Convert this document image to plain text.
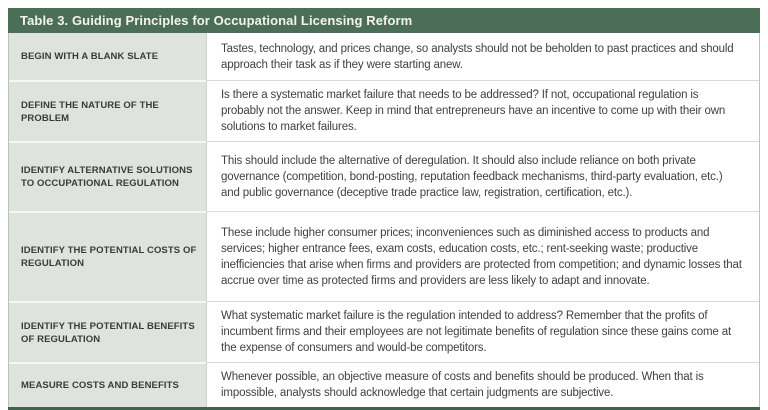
Table 3. Guiding Principles for Occupational Licensing Reform
BEGIN WITH A BLANK SLATE
Tastes, technology, and prices change, so analysts should not be beholden to past practices and should approach their task as if they were starting anew.
DEFINE THE NATURE OF THE PROBLEM
Is there a systematic market failure that needs to be addressed? If not, occupational regulation is probably not the answer. Keep in mind that entrepreneurs have an incentive to come up with their own solutions to market failures.
IDENTIFY ALTERNATIVE SOLUTIONS TO OCCUPATIONAL REGULATION
This should include the alternative of deregulation. It should also include reliance on both private governance (competition, bond-posting, reputation feedback mechanisms, third-party evaluation, etc.) and public governance (deceptive trade practice law, registration, certification, etc.).
IDENTIFY THE POTENTIAL COSTS OF REGULATION
These include higher consumer prices; inconveniences such as diminished access to products and services; higher entrance fees, exam costs, education costs, etc.; rent-seeking waste; productive inefficiencies that arise when firms and providers are protected from competition; and dynamic losses that accrue over time as protected firms and providers are less likely to adapt and innovate.
IDENTIFY THE POTENTIAL BENEFITS OF REGULATION
What systematic market failure is the regulation intended to address? Remember that the profits of incumbent firms and their employees are not legitimate benefits of regulation since these gains come at the expense of consumers and would-be competitors.
MEASURE COSTS AND BENEFITS
Whenever possible, an objective measure of costs and benefits should be produced. When that is impossible, analysts should acknowledge that certain judgments are subjective.
